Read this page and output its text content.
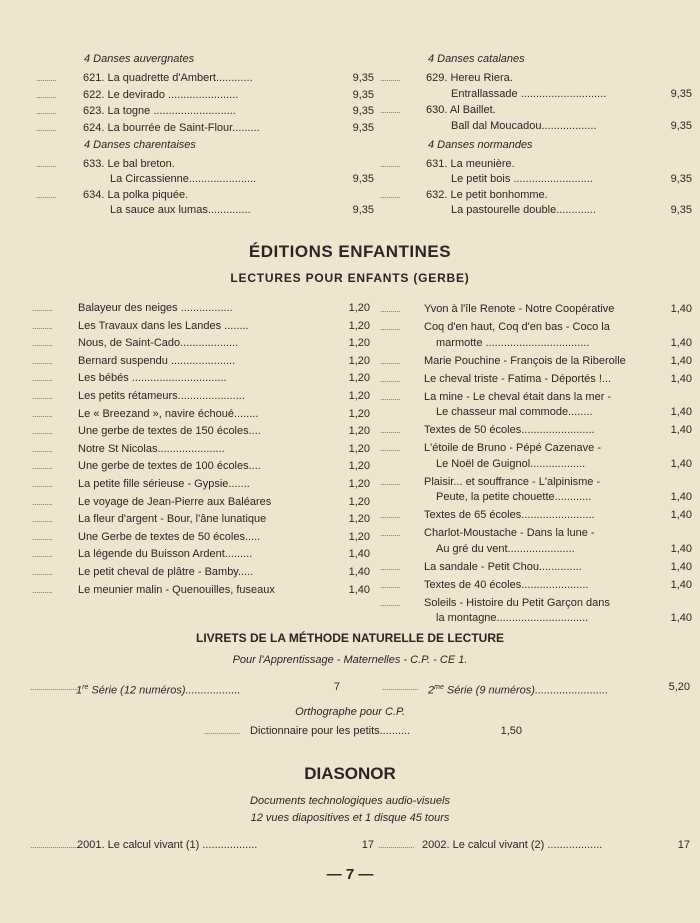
4 Danses auvergnates
.......... 621. La quadrette d'Ambert............	9,35
.......... 622. Le devirado .......................	9,35
.......... 623. La togne ...........................	9,35
.......... 624. La bourrée de Saint-Flour.........	9,35
4 Danses charentaises
.......... 633. Le bal breton.
La Circassienne......................	9,35
.......... 634. La polka piquée.
La sauce aux lumas..............	9,35
4 Danses catalanes
.......... 629. Hereu Riera.
Entrallassade ............................	9,35
.......... 630. Al Baillet.
Ball dal Moucadou..................	9,35
4 Danses normandes
.......... 631. La meunière.
Le petit bois ..........................	9,35
.......... 632. Le petit bonhomme.
La pastourelle double.............	9,35
ÉDITIONS ENFANTINES
LECTURES POUR ENFANTS (GERBE)
.......... Balayeur des neiges .................	1,20
.......... Les Travaux dans les Landes ........	1,20
.......... Nous, de Saint-Cado...................	1,20
.......... Bernard suspendu .....................	1,20
.......... Les bébés ...............................	1,20
.......... Les petits rétameurs......................	1,20
.......... Le « Breezand », navire échoué........	1,20
.......... Une gerbe de textes de 150 écoles....	1,20
.......... Notre St Nicolas......................	1,20
.......... Une gerbe de textes de 100 écoles....	1,20
.......... La petite fille sérieuse - Gypsie.......	1,20
.......... Le voyage de Jean-Pierre aux Baléares	1,20
.......... La fleur d'argent - Bour, l'âne lunatique	1,20
.......... Une Gerbe de textes de 50 écoles.....	1,20
.......... La légende du Buisson Ardent.........	1,40
.......... Le petit cheval de plâtre - Bamby.....	1,40
.......... Le meunier malin - Quenouilles, fuseaux	1,40
.......... Yvon à l'île Renote - Notre Coopérative	1,40
.......... Coq d'en haut, Coq d'en bas - Coco la
marmotte ..................................	1,40
.......... Marie Pouchine - François de la Riberolle	1,40
.......... Le cheval triste - Fatima - Déportés !...	1,40
.......... La mine - Le cheval était dans la mer -
Le chasseur mal commode........	1,40
.......... Textes de 50 écoles........................	1,40
.......... L'étoile de Bruno - Pépé Cazenave -
Le Noël de Guignol..................	1,40
.......... Plaisir... et souffrance - L'alpinisme -
Peute, la petite chouette............	1,40
.......... Textes de 65 écoles........................	1,40
.......... Charlot-Moustache - Dans la lune -
Au gré du vent......................	1,40
.......... La sandale - Petit Chou..............	1,40
.......... Textes de 40 écoles......................	1,40
.......... Soleils - Histoire du Petit Garçon dans
la montagne..............................	1,40
LIVRETS DE LA MÉTHODE NATURELLE DE LECTURE
Pour l'Apprentissage - Maternelles - C.P. - CE 1.
........................
1re Série (12 numéros)..................	7	.................. $2^{me}$ Série (9 numéros)........................	5,20
Orthographe pour C.P.
.................. Dictionnaire pour les petits..........	1,50
DIASONOR
Documents technologiques audio-visuels
12 vues diapositives et 1 disque 45 tours
........................
2001. Le calcul vivant (1) ..................	17 .................. 2002. Le calcul vivant (2) ..................	17
— 7 —
